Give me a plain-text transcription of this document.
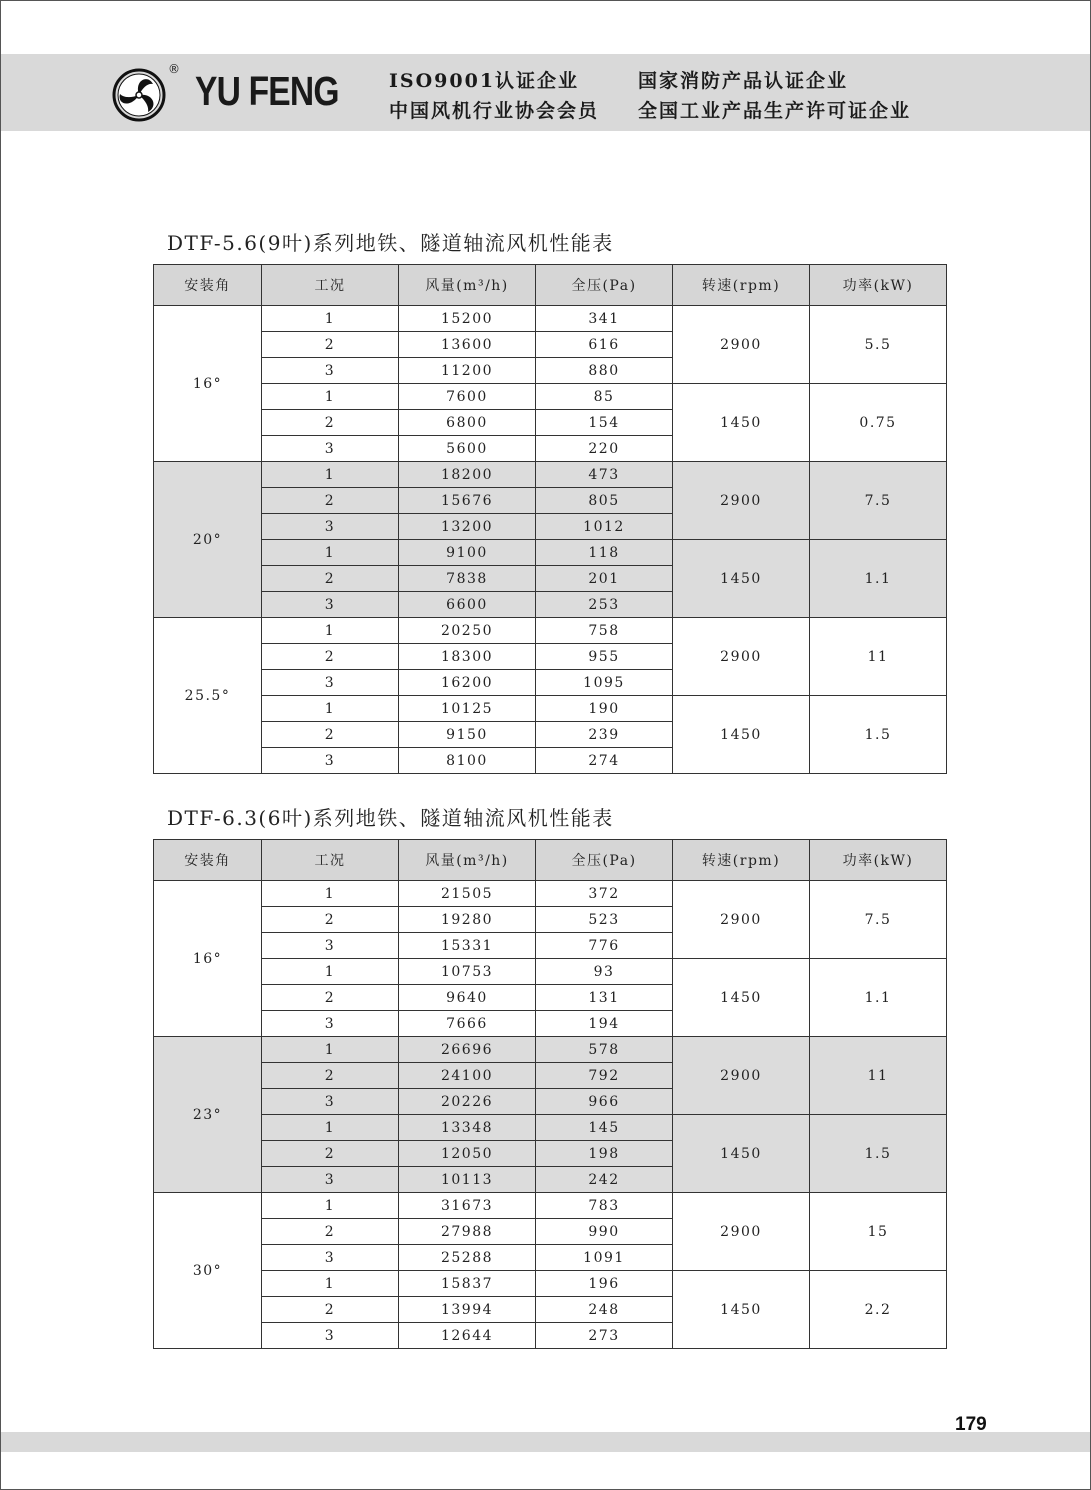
® YU FENG	ISO9001认证企业	国家消防产品认证企业
中国风机行业协会会员 全国工业产品生产许可证企业
DTF-5.6(9叶)系列地铁、隧道轴流风机性能表
安装角	工况	风量(m³/h)	全压(Pa)	转速(rpm)	功率(kW)
16°	1	15200	341	2900	5.5
	2	13600	616		
	3	11200	880		
	1	7600	85	1450	0.75
	2	6800	154		
	3	5600	220		
20°	1	18200	473	2900	7.5
	2	15676	805		
	3	13200	1012		
	1	9100	118	1450	1.1
	2	7838	201		
	3	6600	253		
25.5°	1	20250	758	2900	11
	2	18300	955		
	3	16200	1095		
	1	10125	190	1450	1.5
	2	9150	239		
	3	8100	274		
DTF-6.3(6叶)系列地铁、隧道轴流风机性能表
安装角	工况	风量(m³/h)	全压(Pa)	转速(rpm)	功率(kW)
16°	1	21505	372	2900	7.5
	2	19280	523		
	3	15331	776		
	1	10753	93	1450	1.1
	2	9640	131		
	3	7666	194		
23°	1	26696	578	2900	11
	2	24100	792		
	3	20226	966		
	1	13348	145	1450	1.5
	2	12050	198		
	3	10113	242		
30°	1	31673	783	2900	15
	2	27988	990		
	3	25288	1091		
	1	15837	196	1450	2.2
	2	13994	248		
	3	12644	273		
179
